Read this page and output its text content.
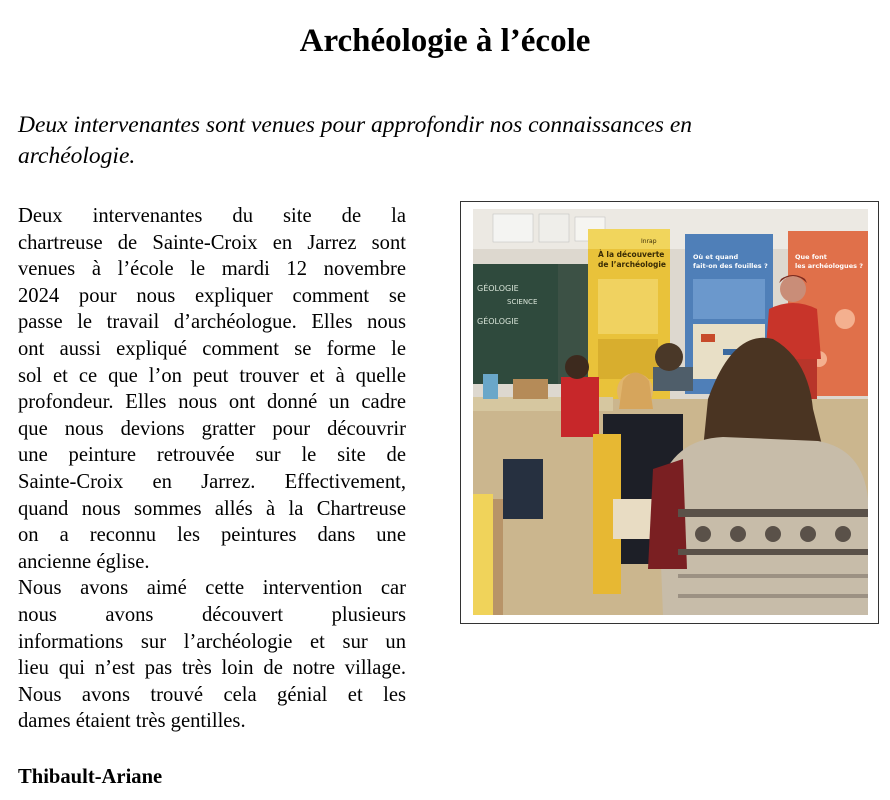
Archéologie à l’école
Deux intervenantes sont venues pour approfondir nos connaissances en
archéologie.
Deux intervenantes du site de la
chartreuse de Sainte-Croix en Jarrez sont
venues à l’école le mardi 12 novembre
2024 pour nous expliquer comment se
passe le travail d’archéologue. Elles nous
ont aussi expliqué comment se forme le
sol et ce que l’on peut trouver et à quelle
profondeur. Elles nous ont donné un cadre
que nous devions gratter pour découvrir
une peinture retrouvée sur le site de
Sainte-Croix en Jarrez. Effectivement,
quand nous sommes allés à la Chartreuse
on a reconnu les peintures dans une
ancienne église.
Nous avons aimé cette intervention car
nous avons découvert plusieurs
informations sur l’archéologie et sur un
lieu qui n’est pas très loin de notre village.
Nous avons trouvé cela génial et les
dames étaient très gentilles.
Thibault-Ariane
GÉOLOGIE
SCIENCE
GÉOLOGIE
À la découverte
de l’archéologie
Inrap
Où et quand
fait-on des fouilles ?
Que font
les archéologues ?
